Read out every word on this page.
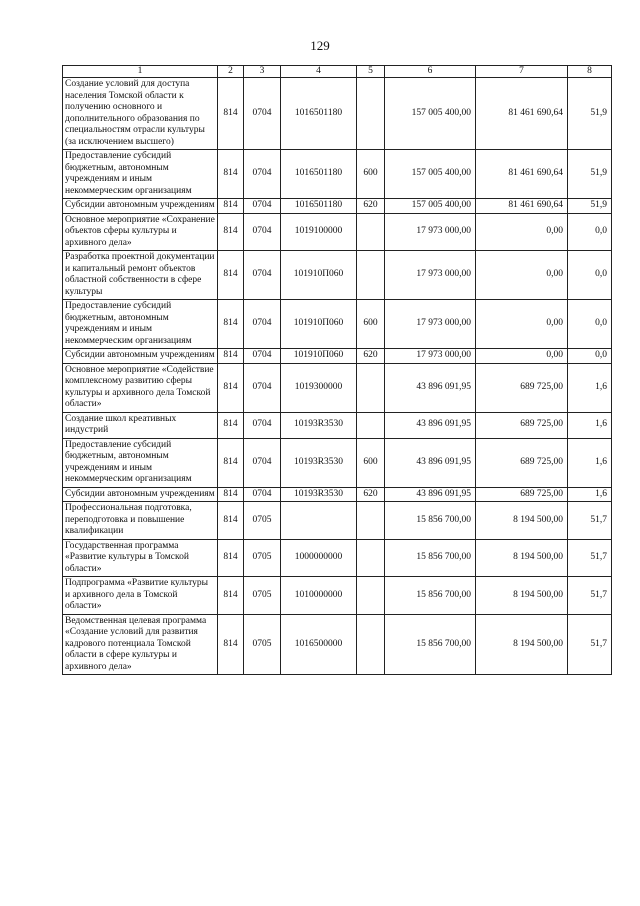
129
1	2	3	4	5	6	7	8
Создание условий для доступа населения Томской области к получению основного и дополнительного образования по специальностям отрасли культуры (за исключением высшего)	814	0704	1016501180		157 005 400,00	81 461 690,64	51,9
Предоставление субсидий бюджетным, автономным учреждениям и иным некоммерческим организациям	814	0704	1016501180	600	157 005 400,00	81 461 690,64	51,9
Субсидии автономным учреждениям	814	0704	1016501180	620	157 005 400,00	81 461 690,64	51,9
Основное мероприятие «Сохранение объектов сферы культуры и архивного дела»	814	0704	1019100000		17 973 000,00	0,00	0,0
Разработка проектной документации и капитальный ремонт объектов областной собственности в сфере культуры	814	0704	101910П060		17 973 000,00	0,00	0,0
Предоставление субсидий бюджетным, автономным учреждениям и иным некоммерческим организациям	814	0704	101910П060	600	17 973 000,00	0,00	0,0
Субсидии автономным учреждениям	814	0704	101910П060	620	17 973 000,00	0,00	0,0
Основное мероприятие «Содействие комплексному развитию сферы культуры и архивного дела Томской области»	814	0704	1019300000		43 896 091,95	689 725,00	1,6
Создание школ креативных индустрий	814	0704	10193R3530		43 896 091,95	689 725,00	1,6
Предоставление субсидий бюджетным, автономным учреждениям и иным некоммерческим организациям	814	0704	10193R3530	600	43 896 091,95	689 725,00	1,6
Субсидии автономным учреждениям	814	0704	10193R3530	620	43 896 091,95	689 725,00	1,6
Профессиональная подготовка, переподготовка и повышение квалификации	814	0705			15 856 700,00	8 194 500,00	51,7
Государственная программа «Развитие культуры в Томской области»	814	0705	1000000000		15 856 700,00	8 194 500,00	51,7
Подпрограмма «Развитие культуры и архивного дела в Томской области»	814	0705	1010000000		15 856 700,00	8 194 500,00	51,7
Ведомственная целевая программа «Создание условий для развития кадрового потенциала Томской области в сфере культуры и архивного дела»	814	0705	1016500000		15 856 700,00	8 194 500,00	51,7
